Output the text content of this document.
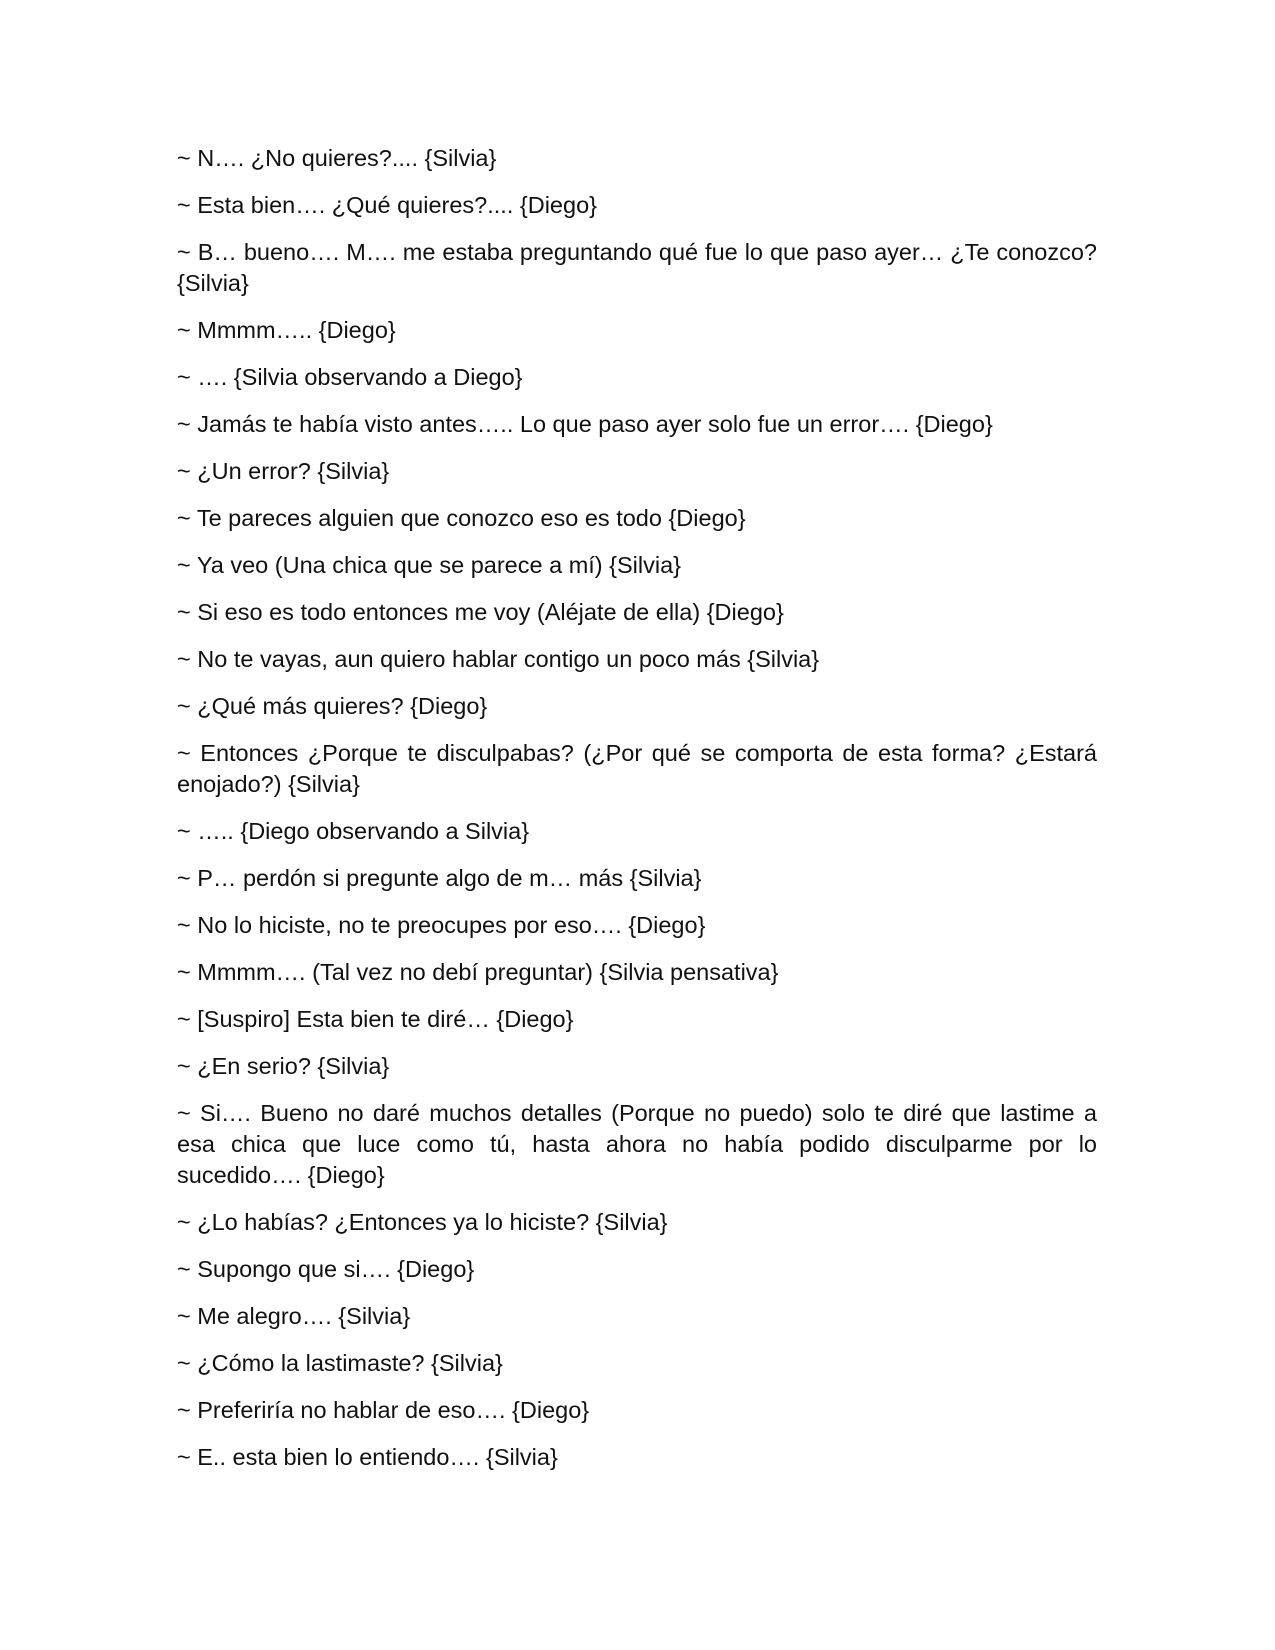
~ N…. ¿No quieres?.... {Silvia}

~ Esta bien…. ¿Qué quieres?.... {Diego}

~ B… bueno…. M…. me estaba preguntando qué fue lo que paso ayer… ¿Te conozco? {Silvia}

~ Mmmm….. {Diego}

~ …. {Silvia observando a Diego}

~ Jamás te había visto antes….. Lo que paso ayer solo fue un error…. {Diego}

~ ¿Un error? {Silvia}

~ Te pareces alguien que conozco eso es todo {Diego}

~ Ya veo (Una chica que se parece a mí) {Silvia}

~ Si eso es todo entonces me voy (Aléjate de ella) {Diego}

~ No te vayas, aun quiero hablar contigo un poco más {Silvia}

~ ¿Qué más quieres? {Diego}

~ Entonces ¿Porque te disculpabas? (¿Por qué se comporta de esta forma? ¿Estará enojado?) {Silvia}

~ ….. {Diego observando a Silvia}

~ P… perdón si pregunte algo de m… más {Silvia}

~ No lo hiciste, no te preocupes por eso…. {Diego}

~ Mmmm…. (Tal vez no debí preguntar) {Silvia pensativa}

~ [Suspiro] Esta bien te diré… {Diego}

~ ¿En serio? {Silvia}

~ Si…. Bueno no daré muchos detalles (Porque no puedo) solo te diré que lastime a esa chica que luce como tú, hasta ahora no había podido disculparme por lo sucedido…. {Diego}

~ ¿Lo habías? ¿Entonces ya lo hiciste? {Silvia}

~ Supongo que si…. {Diego}

~ Me alegro…. {Silvia}

~ ¿Cómo la lastimaste? {Silvia}

~ Preferiría no hablar de eso…. {Diego}

~ E.. esta bien lo entiendo…. {Silvia}
